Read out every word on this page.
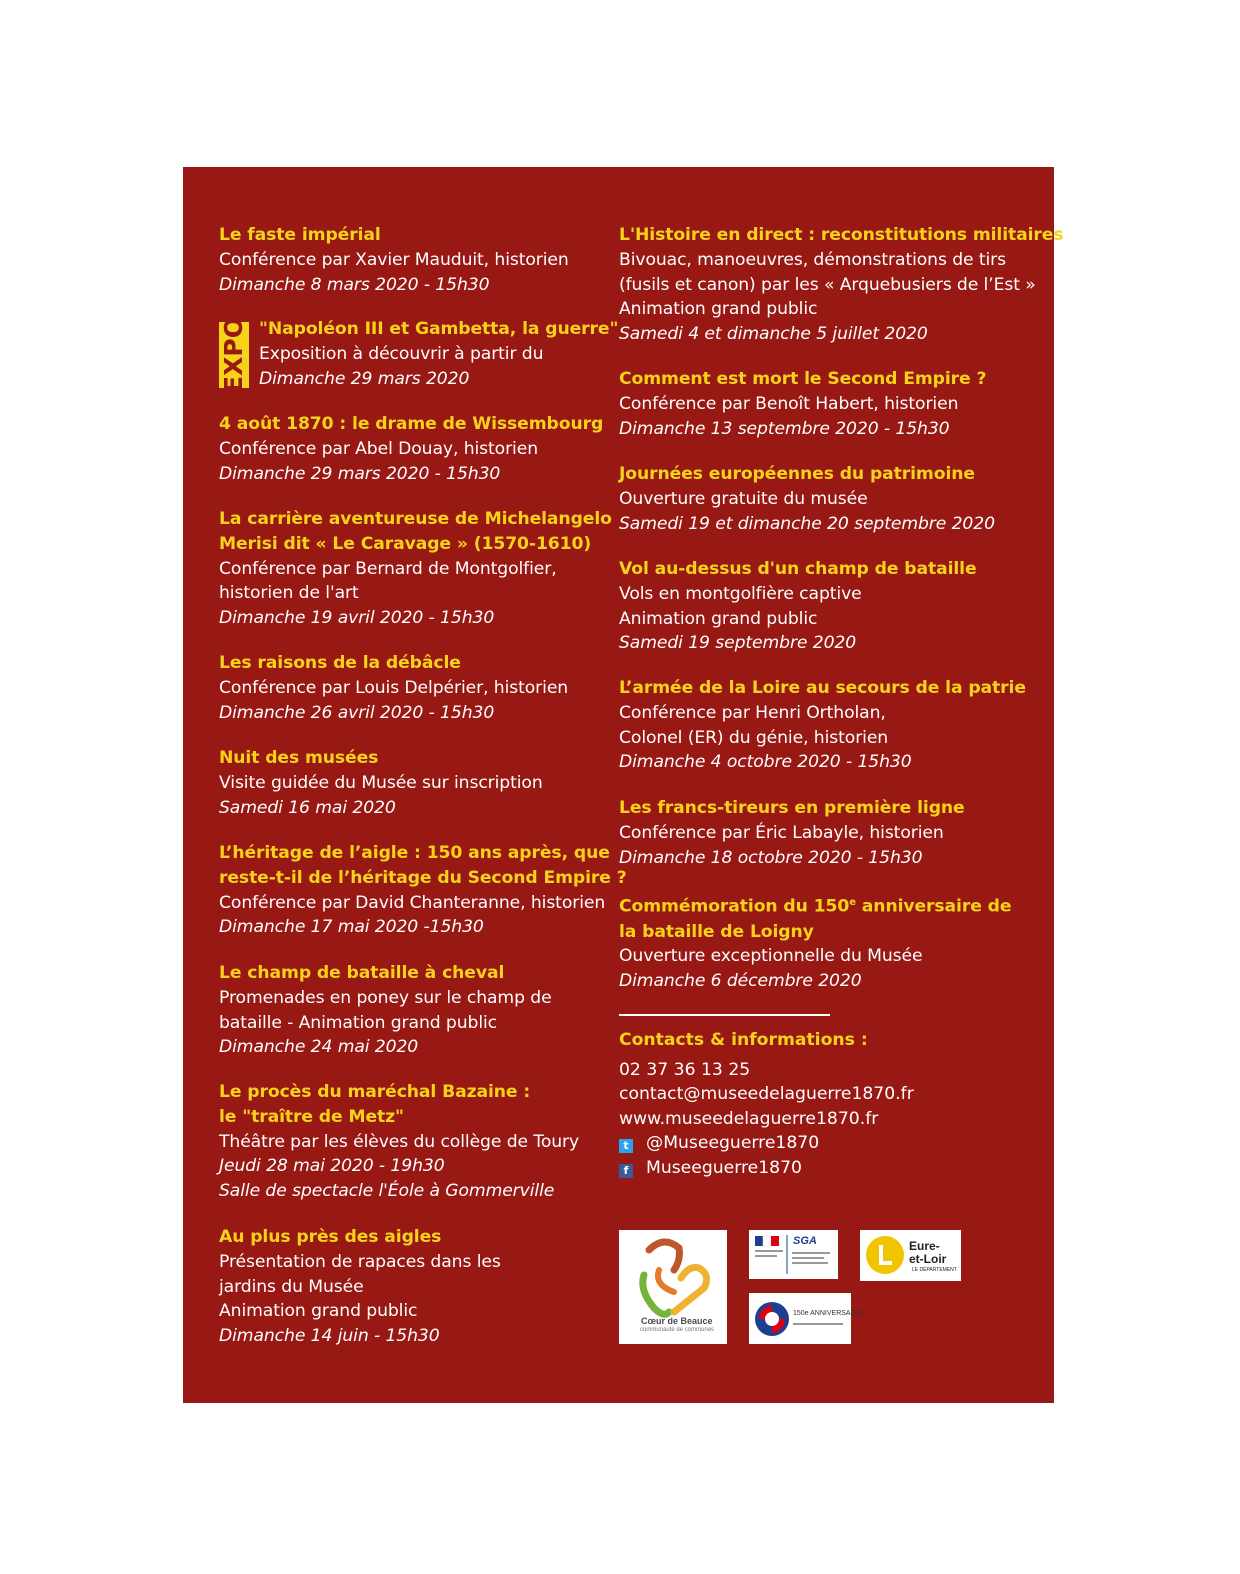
Le faste impérial
Conférence par Xavier Mauduit, historien
Dimanche 8 mars 2020 - 15h30
"Napoléon III et Gambetta, la guerre"
Exposition à découvrir à partir du
Dimanche 29 mars 2020
4 août 1870 : le drame de Wissembourg
Conférence par Abel Douay, historien
Dimanche 29 mars 2020 - 15h30
La carrière aventureuse de Michelangelo
Merisi dit « Le Caravage » (1570-1610)
Conférence par Bernard de Montgolfier,
historien de l'art
Dimanche 19 avril 2020 - 15h30
Les raisons de la débâcle
Conférence par Louis Delpérier, historien
Dimanche 26 avril 2020 - 15h30
Nuit des musées
Visite guidée du Musée sur inscription
Samedi 16 mai 2020
L’héritage de l’aigle : 150 ans après, que
reste-t-il de l’héritage du Second Empire ?
Conférence par David Chanteranne, historien
Dimanche 17 mai 2020 -15h30
Le champ de bataille à cheval
Promenades en poney sur le champ de
bataille - Animation grand public
Dimanche 24 mai 2020
Le procès du maréchal Bazaine :
le "traître de Metz"
Théâtre par les élèves du collège de Toury
Jeudi 28 mai 2020 - 19h30
Salle de spectacle l'Éole à Gommerville
Au plus près des aigles
Présentation de rapaces dans les
jardins du Musée
Animation grand public
Dimanche 14 juin - 15h30
L'Histoire en direct : reconstitutions militaires
Bivouac, manoeuvres, démonstrations de tirs
(fusils et canon) par les « Arquebusiers de l’Est »
Animation grand public
Samedi 4 et dimanche 5 juillet 2020
Comment est mort le Second Empire ?
Conférence par Benoît Habert, historien
Dimanche 13 septembre 2020 - 15h30
Journées européennes du patrimoine
Ouverture gratuite du musée
Samedi 19 et dimanche 20 septembre 2020
Vol au-dessus d'un champ de bataille
Vols en montgolfière captive
Animation grand public
Samedi 19 septembre 2020
L’armée de la Loire au secours de la patrie
Conférence par Henri Ortholan,
Colonel (ER) du génie, historien
Dimanche 4 octobre 2020 - 15h30
Les francs-tireurs en première ligne
Conférence par Éric Labayle, historien
Dimanche 18 octobre 2020 - 15h30
Commémoration du 150e anniversaire de
la bataille de Loigny
Ouverture exceptionnelle du Musée
Dimanche 6 décembre 2020
EXPO
Contacts & informations :
02 37 36 13 25
contact@museedelaguerre1870.fr
www.museedelaguerre1870.fr
t @Museeguerre1870
f Museeguerre1870
Cœur de Beauce
communauté de communes
SGA	Eure-
et-Loir
LE DÉPARTEMENT
150e ANNIVERSAIRE
